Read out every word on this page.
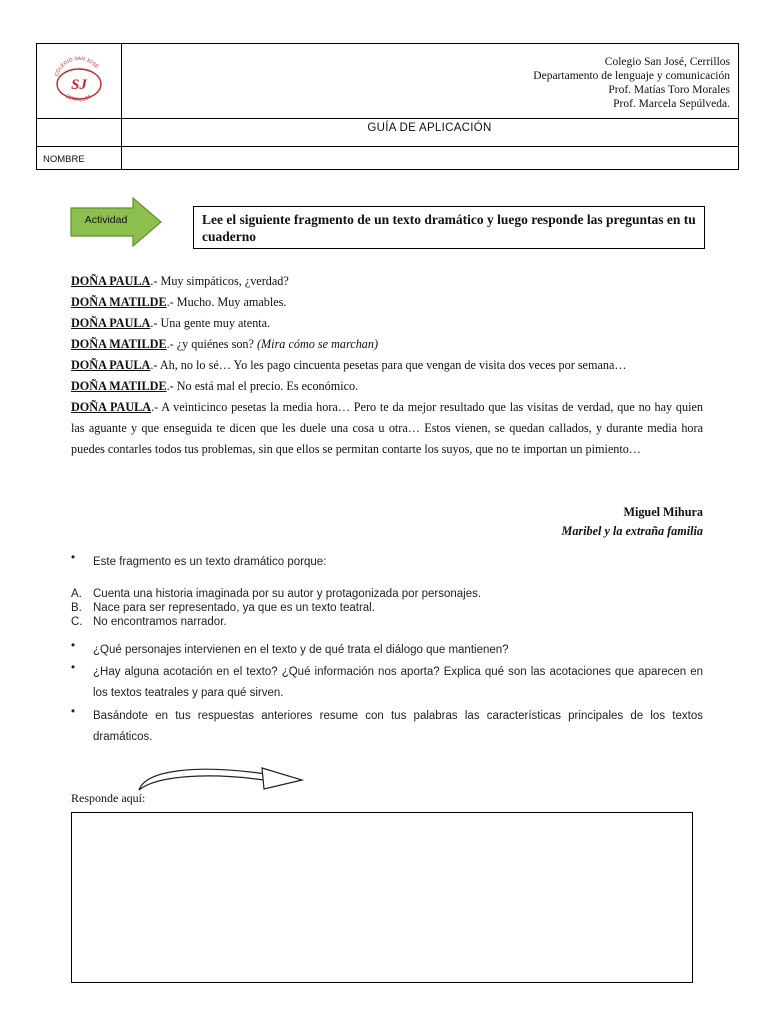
COLEGIO SAN JOSÉ
SJ
CERRILLOS
Colegio San José, Cerrillos
Departamento de lenguaje y comunicación
Prof. Matías Toro Morales
Prof. Marcela Sepúlveda.
GUÍA DE APLICACIÓN
NOMBRE
Actividad	Lee el siguiente fragmento de un texto dramático y luego responde las preguntas en tu cuaderno

DOÑA PAULA.- Muy simpáticos, ¿verdad?

DOÑA MATILDE.- Mucho. Muy amables.

DOÑA PAULA.- Una gente muy atenta.

DOÑA MATILDE.- ¿y quiénes son? (Mira cómo se marchan)

DOÑA PAULA.- Ah, no lo sé… Yo les pago cincuenta pesetas para que vengan de visita dos veces por semana…

DOÑA MATILDE.- No está mal el precio. Es económico.

DOÑA PAULA.- A veinticinco pesetas la media hora… Pero te da mejor resultado que las visitas de verdad, que no hay quien las aguante y que enseguida te dicen que les duele una cosa u otra… Estos vienen, se quedan callados, y durante media hora puedes contarles todos tus problemas, sin que ellos se permitan contarte los suyos, que no te importan un pimiento…

Miguel Mihura
Maribel y la extraña familia
• Este fragmento es un texto dramático porque:
A. Cuenta una historia imaginada por su autor y protagonizada por personajes.
B. Nace para ser representado, ya que es un texto teatral.
C. No encontramos narrador.
• ¿Qué personajes intervienen en el texto y de qué trata el diálogo que mantienen?
• ¿Hay alguna acotación en el texto? ¿Qué información nos aporta? Explica qué son las acotaciones que aparecen en los textos teatrales y para qué sirven.
• Basándote en tus respuestas anteriores resume con tus palabras las características principales de los textos dramáticos.
Responde aquí:
